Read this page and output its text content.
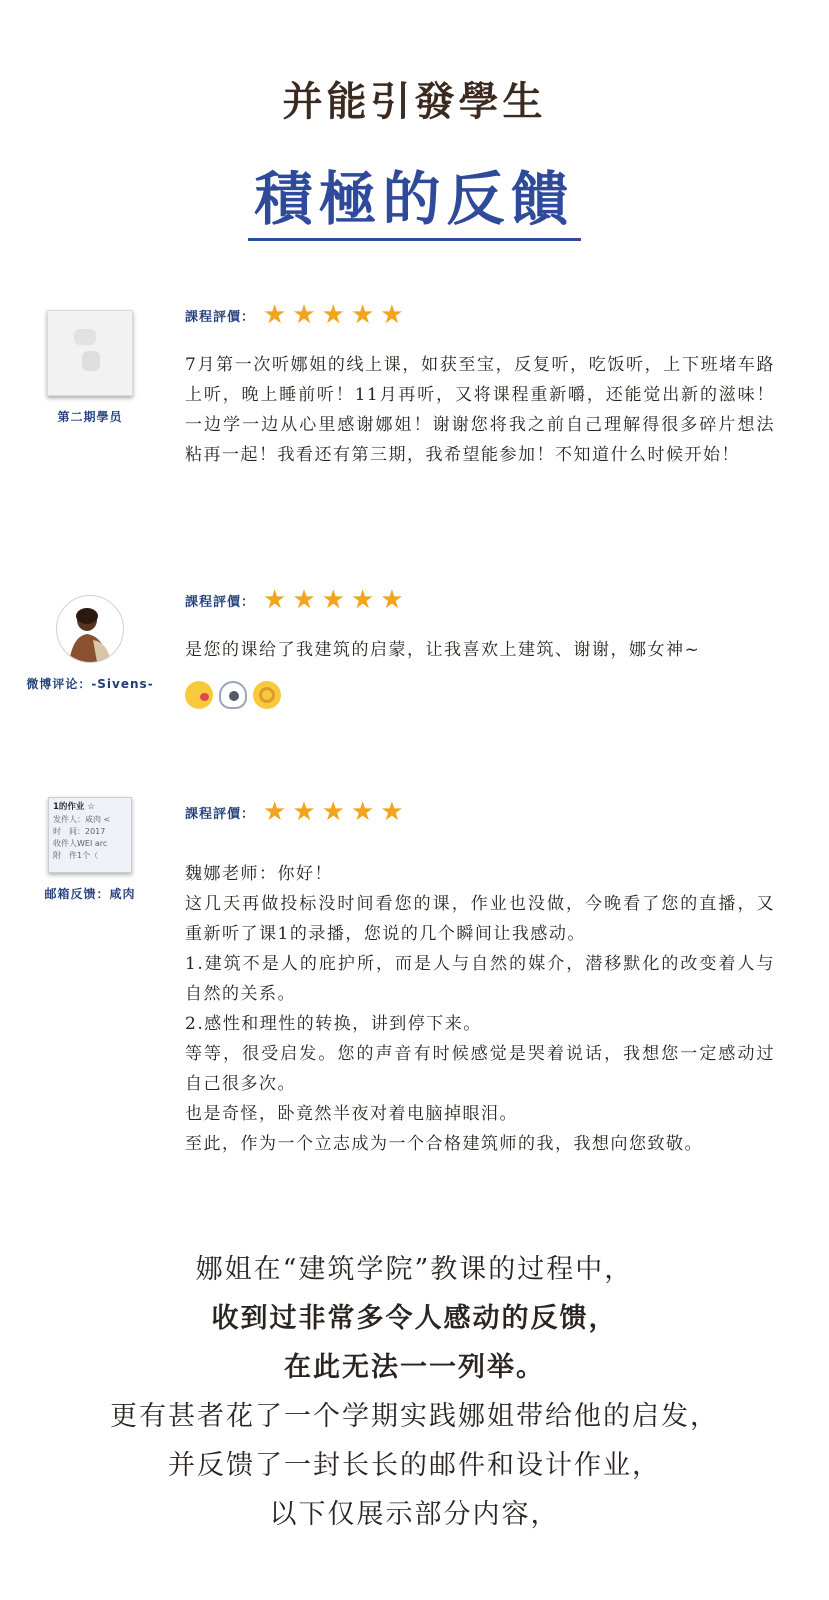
并能引發學生
積極的反饋
第二期學员
課程評價： ★ ★ ★ ★ ★

7月第一次听娜姐的线上课，如获至宝，反复听，吃饭听，上下班堵车路上听，晚上睡前听！11月再听，又将课程重新嚼，还能觉出新的滋味！一边学一边从心里感谢娜姐！谢谢您将我之前自己理解得很多碎片想法粘再一起！我看还有第三期，我希望能参加！不知道什么时候开始！

微博评论：-Sivens-
課程評價： ★ ★ ★ ★ ★

是您的课给了我建筑的启蒙，让我喜欢上建筑、谢谢，娜女神~

1的作业 ☆
发件人：咸肉 <
时　间：2017
收件人WEI arc
附　件1个（
邮箱反馈：咸肉
課程評價： ★ ★ ★ ★ ★

魏娜老师：你好！

这几天再做投标没时间看您的课，作业也没做，今晚看了您的直播，又重新听了课1的录播，您说的几个瞬间让我感动。

1.建筑不是人的庇护所，而是人与自然的媒介，潜移默化的改变着人与自然的关系。

2.感性和理性的转换，讲到停下来。

等等，很受启发。您的声音有时候感觉是哭着说话，我想您一定感动过自己很多次。

也是奇怪，卧竟然半夜对着电脑掉眼泪。

至此，作为一个立志成为一个合格建筑师的我，我想向您致敬。

娜姐在“建筑学院”教课的过程中，
收到过非常多令人感动的反馈，
在此无法一一列举。
更有甚者花了一个学期实践娜姐带给他的启发，
并反馈了一封长长的邮件和设计作业，
以下仅展示部分内容，
